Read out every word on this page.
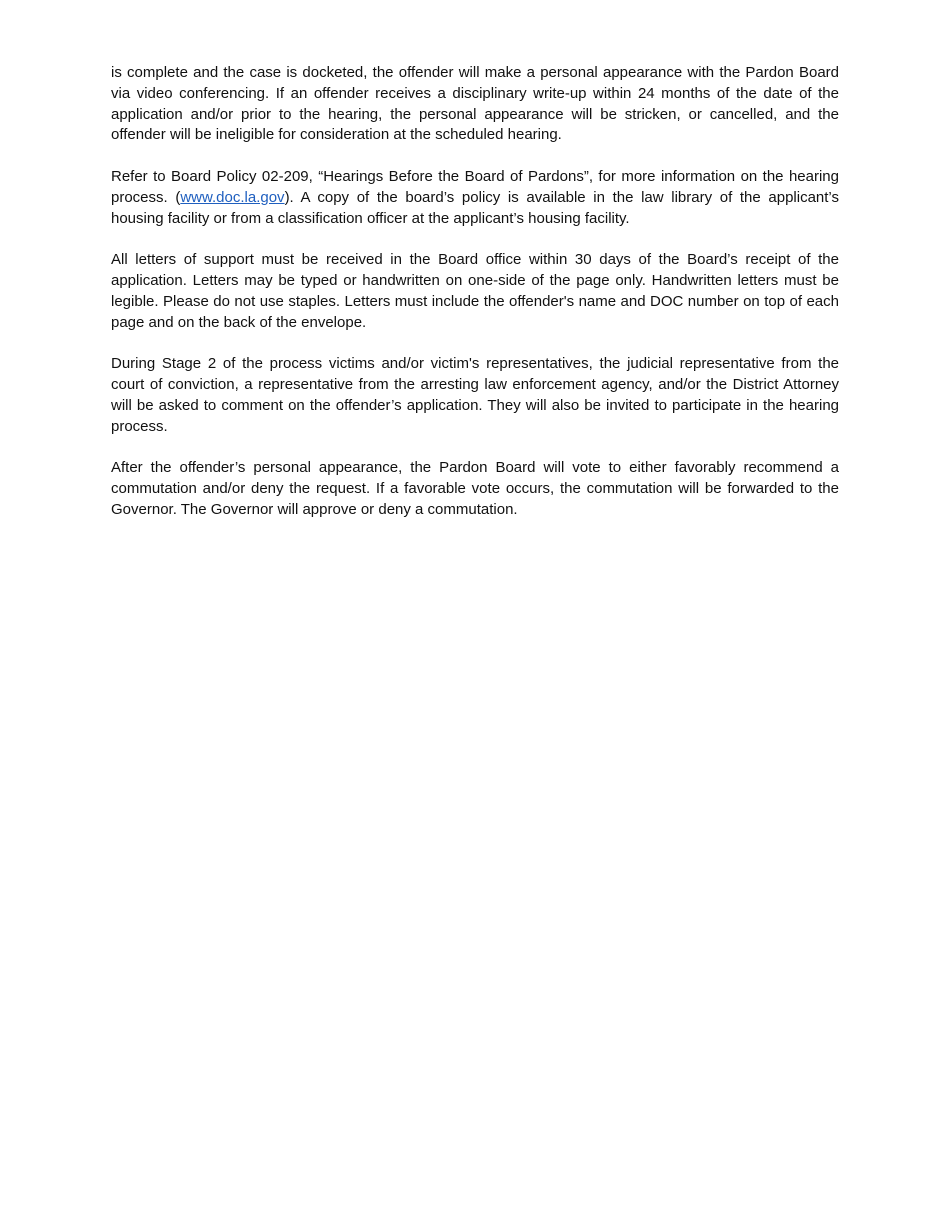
is complete and the case is docketed, the offender will make a personal appearance with the Pardon Board via video conferencing. If an offender receives a disciplinary write-up within 24 months of the date of the application and/or prior to the hearing, the personal appearance will be stricken, or cancelled, and the offender will be ineligible for consideration at the scheduled hearing.

Refer to Board Policy 02-209, “Hearings Before the Board of Pardons”, for more information on the hearing process. (www.doc.la.gov). A copy of the board’s policy is available in the law library of the applicant’s housing facility or from a classification officer at the applicant’s housing facility.

All letters of support must be received in the Board office within 30 days of the Board’s receipt of the application. Letters may be typed or handwritten on one-side of the page only. Handwritten letters must be legible. Please do not use staples. Letters must include the offender's name and DOC number on top of each page and on the back of the envelope.

During Stage 2 of the process victims and/or victim's representatives, the judicial representative from the court of conviction, a representative from the arresting law enforcement agency, and/or the District Attorney will be asked to comment on the offender’s application. They will also be invited to participate in the hearing process.

After the offender’s personal appearance, the Pardon Board will vote to either favorably recommend a commutation and/or deny the request. If a favorable vote occurs, the commutation will be forwarded to the Governor. The Governor will approve or deny a commutation.
